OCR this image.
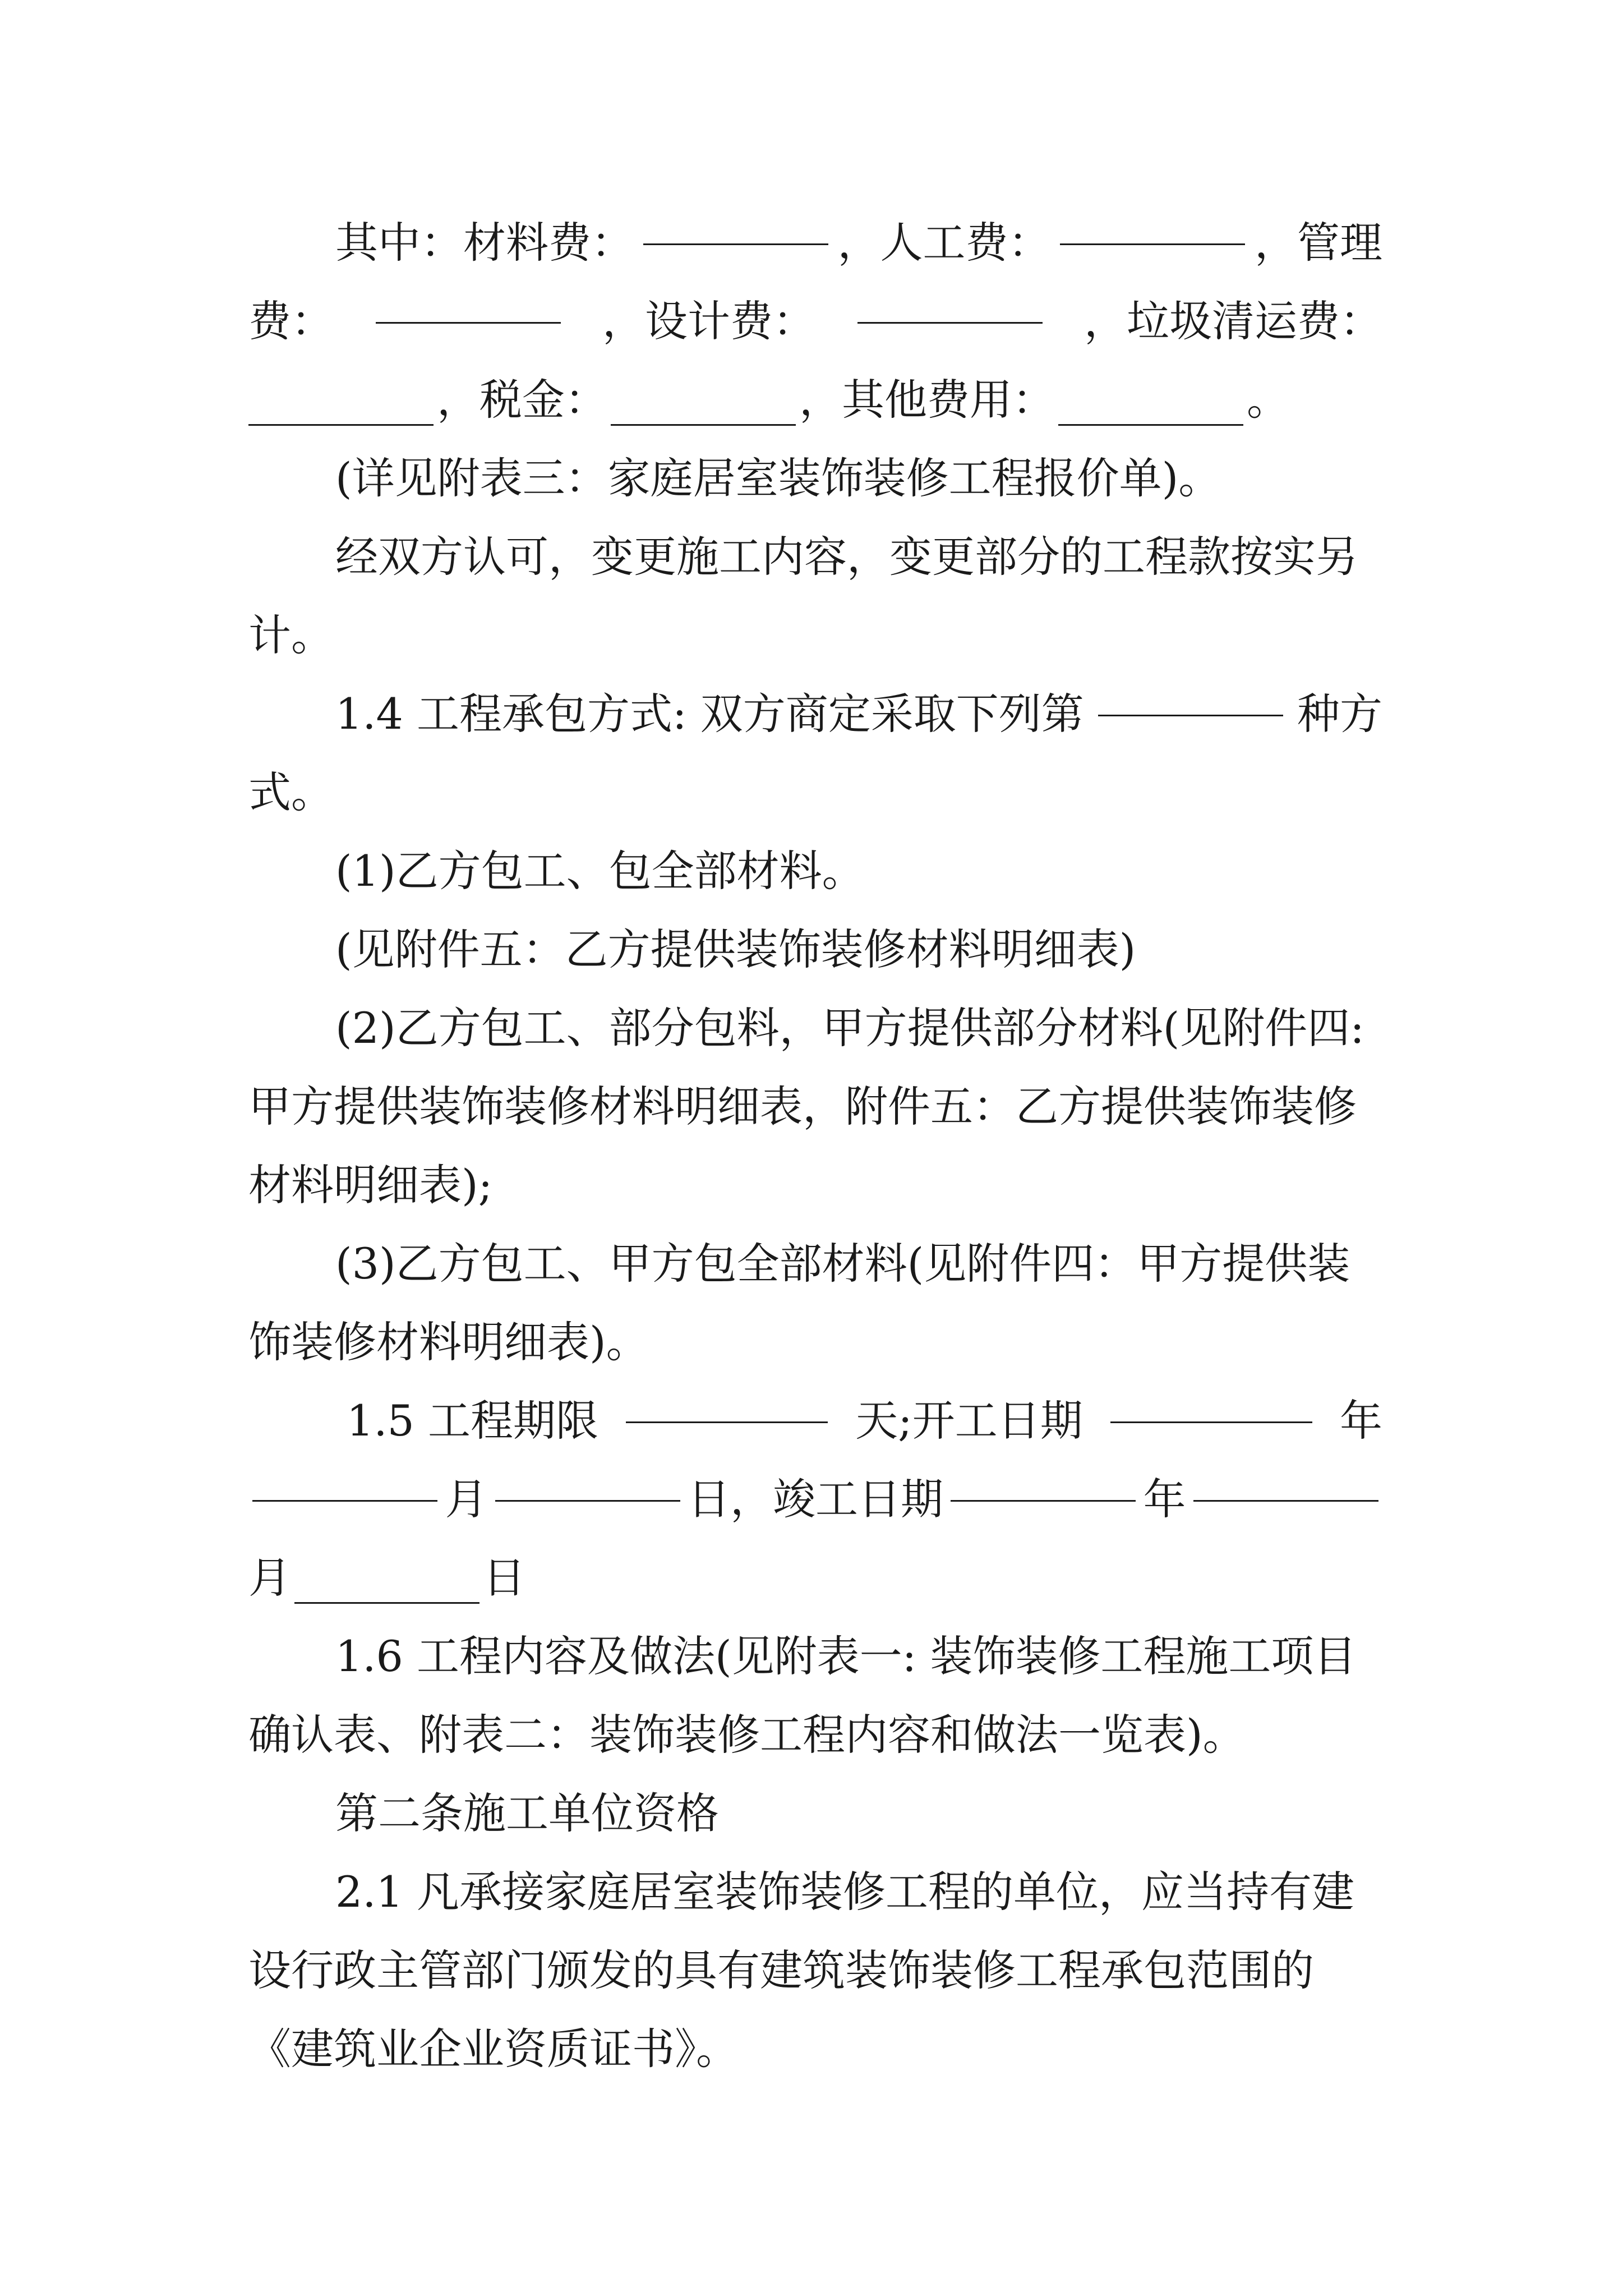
其中：材料费：	，人工费：	，管理
费：	，设计费：	，垃圾清运费：
，税金：	，其他费用：	。
(详见附表三：家庭居室装饰装修工程报价单)。
经双方认可，变更施工内容，变更部分的工程款按实另
计。
1.4 工程承包方式: 双方商定采取下列第	种方
式。
(1)乙方包工、包全部材料。
(见附件五：乙方提供装饰装修材料明细表)
(2)乙方包工、部分包料，甲方提供部分材料(见附件四:
甲方提供装饰装修材料明细表，附件五：乙方提供装饰装修
材料明细表);
(3)乙方包工、甲方包全部材料(见附件四：甲方提供装
饰装修材料明细表)。
1.5 工程期限	天;开工日期	年
月	日，竣工日期	年
月	日
1.6 工程内容及做法(见附表一: 装饰装修工程施工项目
确认表、附表二：装饰装修工程内容和做法一览表)。
第二条施工单位资格
2.1 凡承接家庭居室装饰装修工程的单位，应当持有建
设行政主管部门颁发的具有建筑装饰装修工程承包范围的
《建筑业企业资质证书》。
